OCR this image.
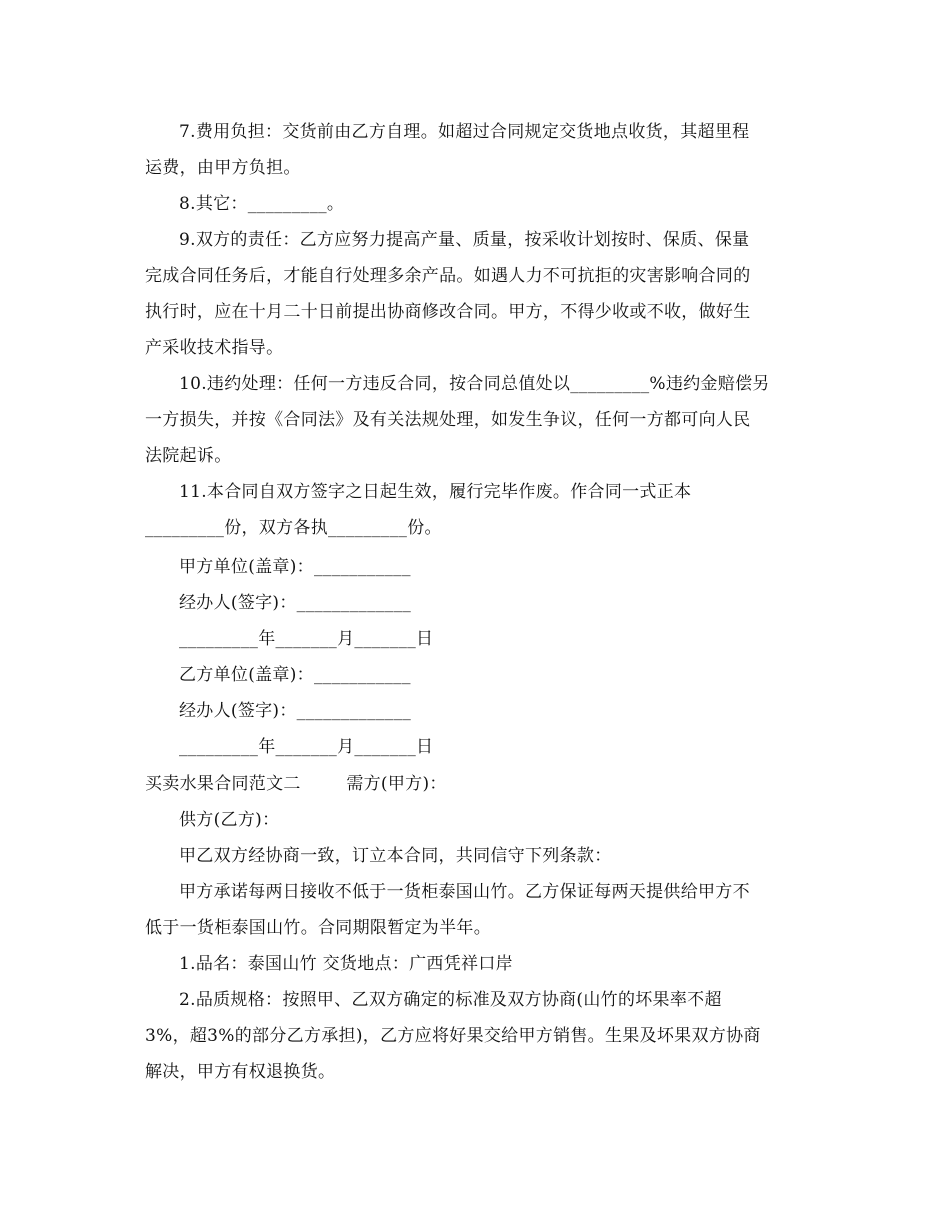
7.费用负担：交货前由乙方自理。如超过合同规定交货地点收货，其超里程
运费，由甲方负担。
8.其它：_________。
9.双方的责任：乙方应努力提高产量、质量，按采收计划按时、保质、保量
完成合同任务后，才能自行处理多余产品。如遇人力不可抗拒的灾害影响合同的
执行时，应在十月二十日前提出协商修改合同。甲方，不得少收或不收，做好生
产采收技术指导。
10.违约处理：任何一方违反合同，按合同总值处以_________%违约金赔偿另
一方损失，并按《合同法》及有关法规处理，如发生争议，任何一方都可向人民
法院起诉。
11.本合同自双方签字之日起生效，履行完毕作废。作合同一式正本
_________份，双方各执_________份。
甲方单位(盖章)：___________
经办人(签字)：_____________
_________年_______月_______日
乙方单位(盖章)：___________
经办人(签字)：_____________
_________年_______月_______日
买卖水果合同范文二        需方(甲方)：
供方(乙方)：
甲乙双方经协商一致，订立本合同，共同信守下列条款：
甲方承诺每两日接收不低于一货柜泰国山竹。乙方保证每两天提供给甲方不
低于一货柜泰国山竹。合同期限暂定为半年。
1.品名：泰国山竹 交货地点：广西凭祥口岸
2.品质规格：按照甲、乙双方确定的标准及双方协商(山竹的坏果率不超
3%，超3%的部分乙方承担)，乙方应将好果交给甲方销售。生果及坏果双方协商
解决，甲方有权退换货。
